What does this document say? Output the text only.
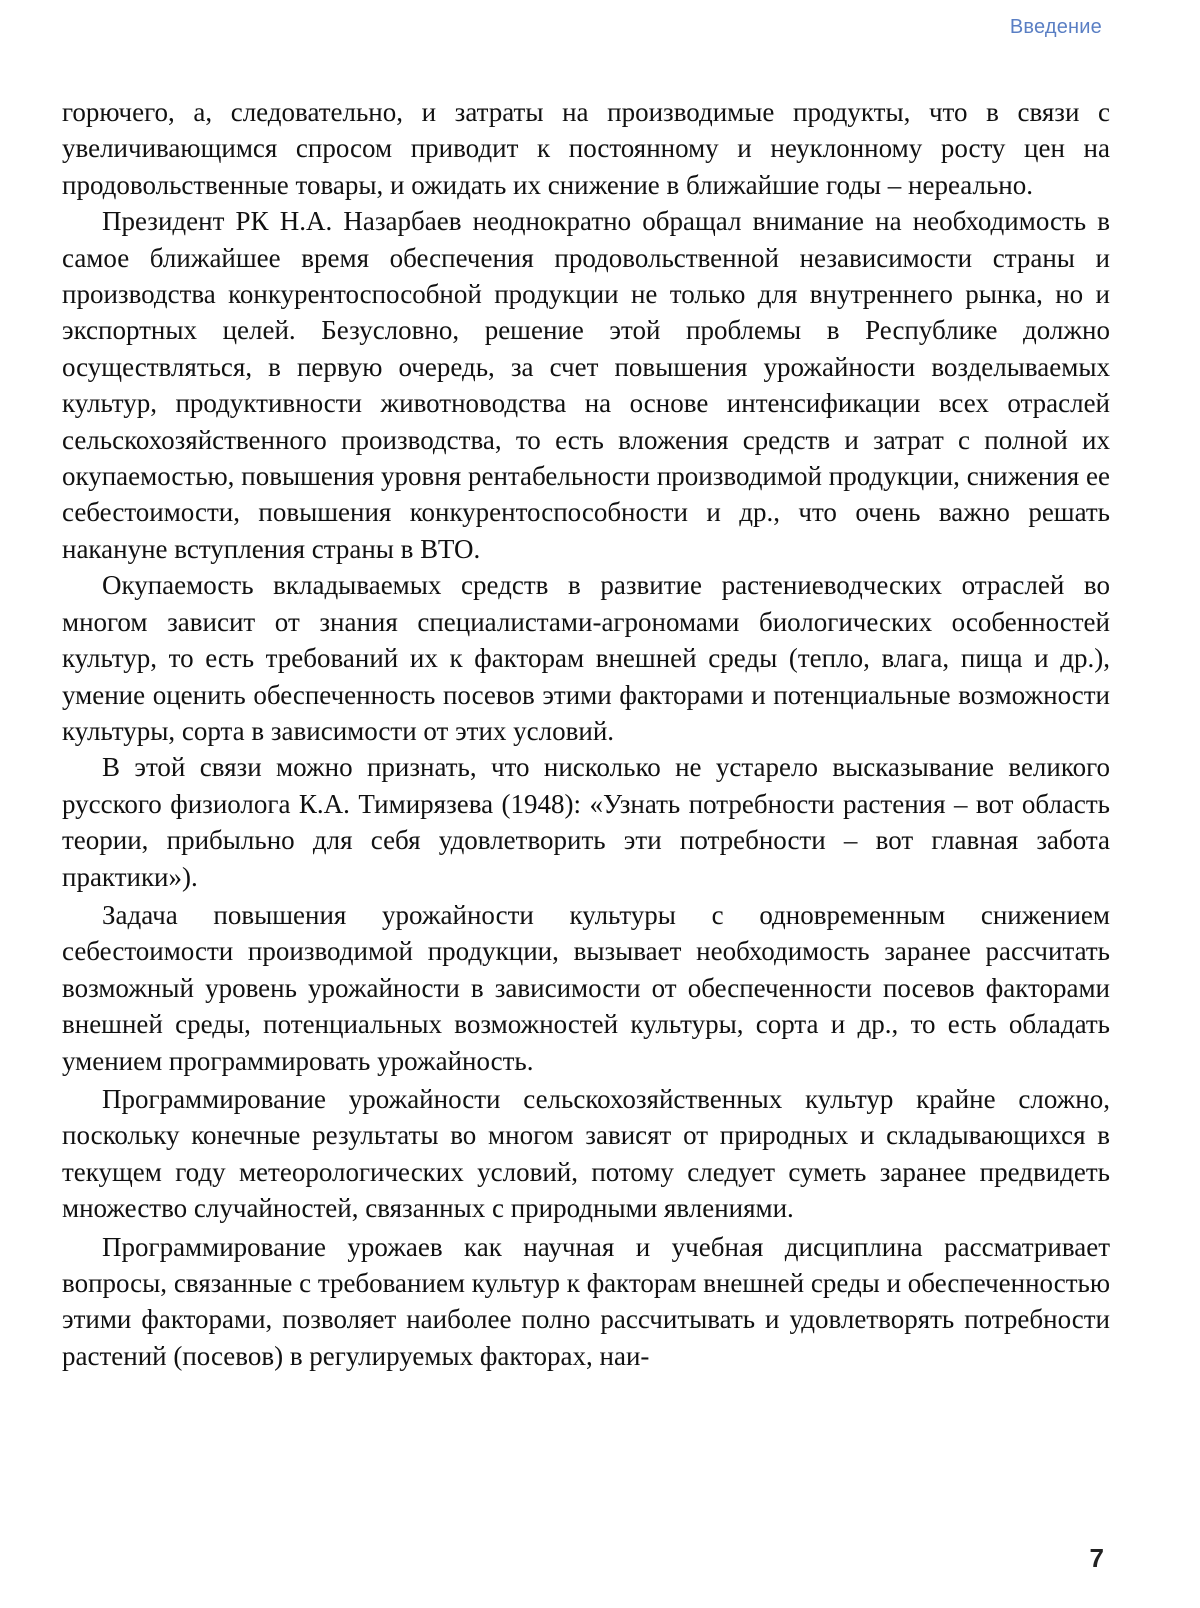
Введение

горючего, а, следовательно, и затраты на производимые продукты, что в связи с увеличивающимся спросом приводит к постоянному и неуклонному росту цен на продовольственные товары, и ожидать их снижение в ближайшие годы – нереально.

Президент РК Н.А. Назарбаев неоднократно обращал внимание на необходимость в самое ближайшее время обеспечения продовольственной независимости страны и производства конкурентоспособной продукции не только для внутреннего рынка, но и экспортных целей. Безусловно, решение этой проблемы в Республике должно осуществляться, в первую очередь, за счет повышения урожайности возделываемых культур, продуктивности животноводства на основе интенсификации всех отраслей сельскохозяйственного производства, то есть вложения средств и затрат с полной их окупаемостью, повышения уровня рентабельности производимой продукции, снижения ее себестоимости, повышения конкурентоспособности и др., что очень важно решать накануне вступления страны в ВТО.

Окупаемость вкладываемых средств в развитие растениеводческих отраслей во многом зависит от знания специалистами-агрономами биологических особенностей культур, то есть требований их к факторам внешней среды (тепло, влага, пища и др.), умение оценить обеспеченность посевов этими факторами и потенциальные возможности культуры, сорта в зависимости от этих условий.

В этой связи можно признать, что нисколько не устарело высказывание великого русского физиолога К.А. Тимирязева (1948): «Узнать потребности растения – вот область теории, прибыльно для себя удовлетворить эти потребности – вот главная забота практики»).

Задача повышения урожайности культуры с одновременным снижением себестоимости производимой продукции, вызывает необходимость заранее рассчитать возможный уровень урожайности в зависимости от обеспеченности посевов факторами внешней среды, потенциальных возможностей культуры, сорта и др., то есть обладать умением программировать урожайность.

Программирование урожайности сельскохозяйственных культур крайне сложно, поскольку конечные результаты во многом зависят от природных и складывающихся в текущем году метеорологических условий, потому следует суметь заранее предвидеть множество случайностей, связанных с природными явлениями.

Программирование урожаев как научная и учебная дисциплина рассматривает вопросы, связанные с требованием культур к факторам внешней среды и обеспеченностью этими факторами, позволяет наиболее полно рассчитывать и удовлетворять потребности растений (посевов) в регулируемых факторах, наи-

7
